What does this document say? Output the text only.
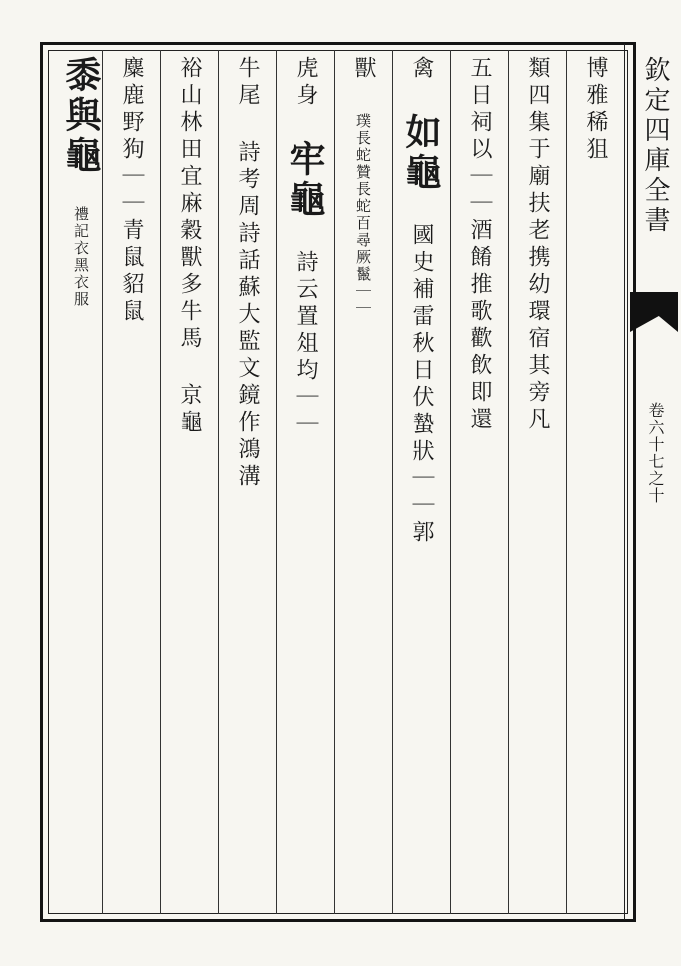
欽定四庫全書
卷六十七之十
博雅稀狙
類四集于廟扶老携幼環宿其旁凡
五日祠以｜｜酒餚推歌歡飲即還
禽 如龜 國史補雷秋日伏蟄狀｜｜郭
獸 璞長蛇贊長蛇百尋厥鬣｜｜
虎身 牢龜 詩云置俎均｜｜
牛尾 詩考周詩話蘇大監文鏡作鴻溝
裕山林田宜麻穀獸多牛馬 京龜
麋鹿野狗｜｜青鼠貂鼠
黍與龜 禮記衣黑衣服
